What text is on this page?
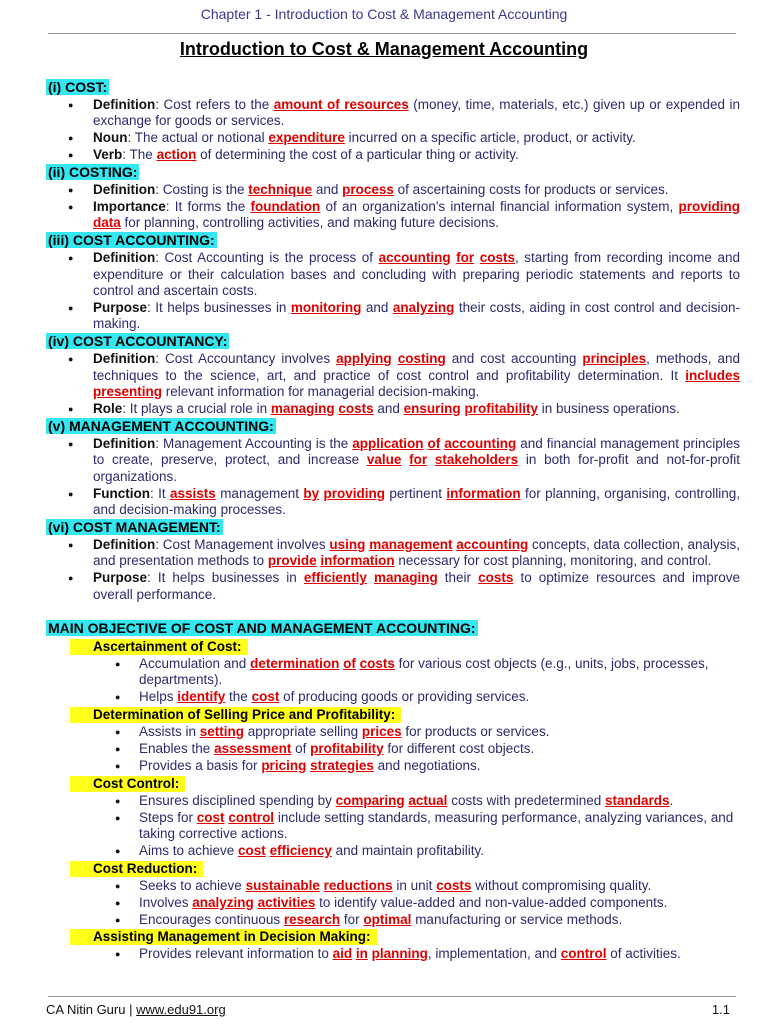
Chapter 1 - Introduction to Cost & Management Accounting
Introduction to Cost & Management Accounting
(i) COST:
● Definition: Cost refers to the amount of resources (money, time, materials, etc.) given up or expended in exchange for goods or services.
● Noun: The actual or notional expenditure incurred on a specific article, product, or activity.
● Verb: The action of determining the cost of a particular thing or activity.
(ii) COSTING:
● Definition: Costing is the technique and process of ascertaining costs for products or services.
● Importance: It forms the foundation of an organization's internal financial information system, providing data for planning, controlling activities, and making future decisions.
(iii) COST ACCOUNTING:
● Definition: Cost Accounting is the process of accounting for costs, starting from recording income and expenditure or their calculation bases and concluding with preparing periodic statements and reports to control and ascertain costs.
● Purpose: It helps businesses in monitoring and analyzing their costs, aiding in cost control and decision-making.
(iv) COST ACCOUNTANCY:
● Definition: Cost Accountancy involves applying costing and cost accounting principles, methods, and techniques to the science, art, and practice of cost control and profitability determination. It includes presenting relevant information for managerial decision-making.
● Role: It plays a crucial role in managing costs and ensuring profitability in business operations.
(v) MANAGEMENT ACCOUNTING:
● Definition: Management Accounting is the application of accounting and financial management principles to create, preserve, protect, and increase value for stakeholders in both for-profit and not-for-profit organizations.
● Function: It assists management by providing pertinent information for planning, organising, controlling, and decision-making processes.
(vi) COST MANAGEMENT:
● Definition: Cost Management involves using management accounting concepts, data collection, analysis, and presentation methods to provide information necessary for cost planning, monitoring, and control.
● Purpose: It helps businesses in efficiently managing their costs to optimize resources and improve overall performance.
MAIN OBJECTIVE OF COST AND MANAGEMENT ACCOUNTING:
Ascertainment of Cost:
● Accumulation and determination of costs for various cost objects (e.g., units, jobs, processes, departments).
● Helps identify the cost of producing goods or providing services.
Determination of Selling Price and Profitability:
● Assists in setting appropriate selling prices for products or services.
● Enables the assessment of profitability for different cost objects.
● Provides a basis for pricing strategies and negotiations.
Cost Control:
● Ensures disciplined spending by comparing actual costs with predetermined standards.
● Steps for cost control include setting standards, measuring performance, analyzing variances, and taking corrective actions.
● Aims to achieve cost efficiency and maintain profitability.
Cost Reduction:
● Seeks to achieve sustainable reductions in unit costs without compromising quality.
● Involves analyzing activities to identify value-added and non-value-added components.
● Encourages continuous research for optimal manufacturing or service methods.
Assisting Management in Decision Making:
● Provides relevant information to aid in planning, implementation, and control of activities.
CA Nitin Guru | www.edu91.org	1.1
